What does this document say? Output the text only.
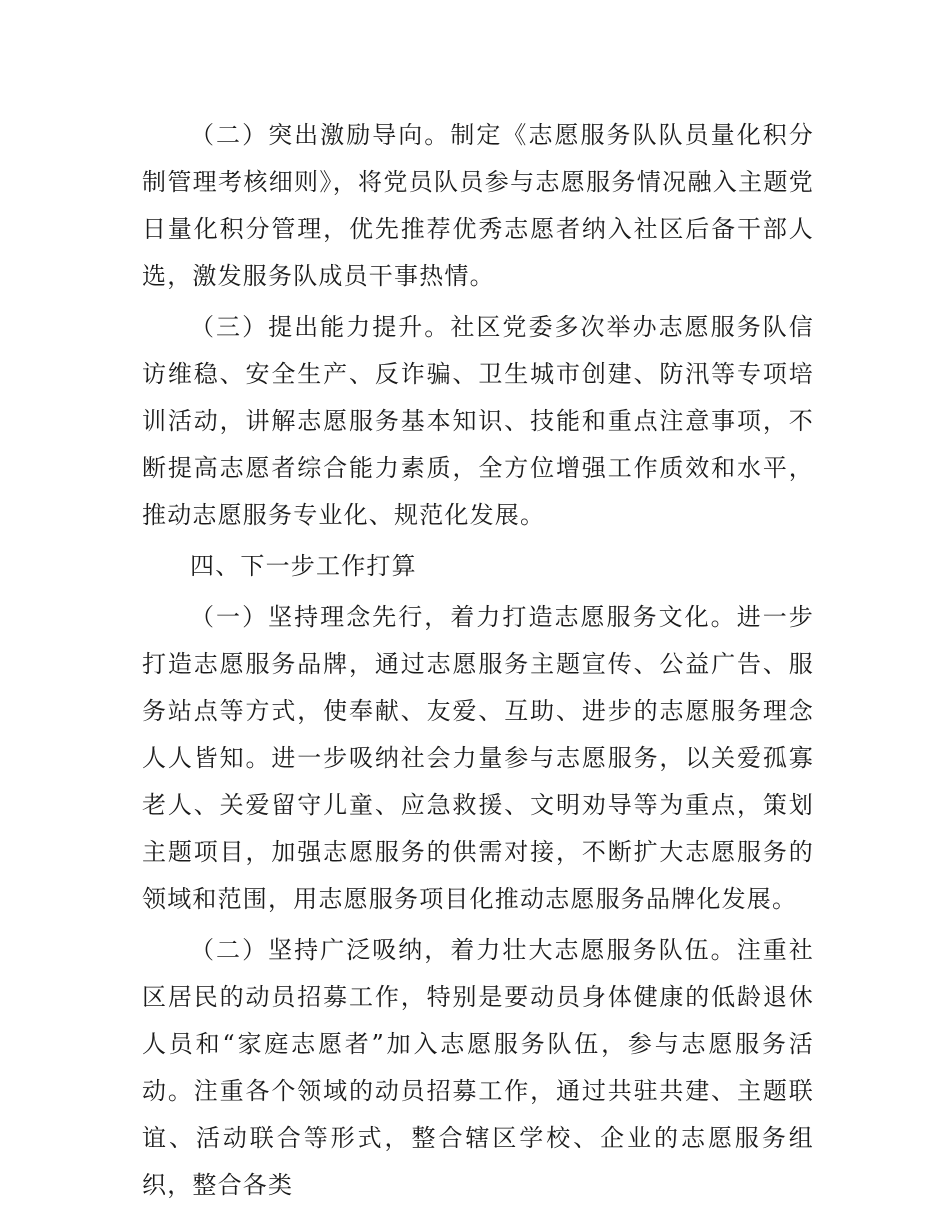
（二）突出激励导向。制定《志愿服务队队员量化积分制管理考核细则》，将党员队员参与志愿服务情况融入主题党日量化积分管理，优先推荐优秀志愿者纳入社区后备干部人选，激发服务队成员干事热情。

（三）提出能力提升。社区党委多次举办志愿服务队信访维稳、安全生产、反诈骗、卫生城市创建、防汛等专项培训活动，讲解志愿服务基本知识、技能和重点注意事项，不断提高志愿者综合能力素质，全方位增强工作质效和水平，推动志愿服务专业化、规范化发展。

四、下一步工作打算

（一）坚持理念先行，着力打造志愿服务文化。进一步打造志愿服务品牌，通过志愿服务主题宣传、公益广告、服务站点等方式，使奉献、友爱、互助、进步的志愿服务理念人人皆知。进一步吸纳社会力量参与志愿服务，以关爱孤寡老人、关爱留守儿童、应急救援、文明劝导等为重点，策划主题项目，加强志愿服务的供需对接，不断扩大志愿服务的领域和范围，用志愿服务项目化推动志愿服务品牌化发展。

（二）坚持广泛吸纳，着力壮大志愿服务队伍。注重社区居民的动员招募工作，特别是要动员身体健康的低龄退休人员和“家庭志愿者”加入志愿服务队伍，参与志愿服务活动。注重各个领域的动员招募工作，通过共驻共建、主题联谊、活动联合等形式，整合辖区学校、企业的志愿服务组织，整合各类
